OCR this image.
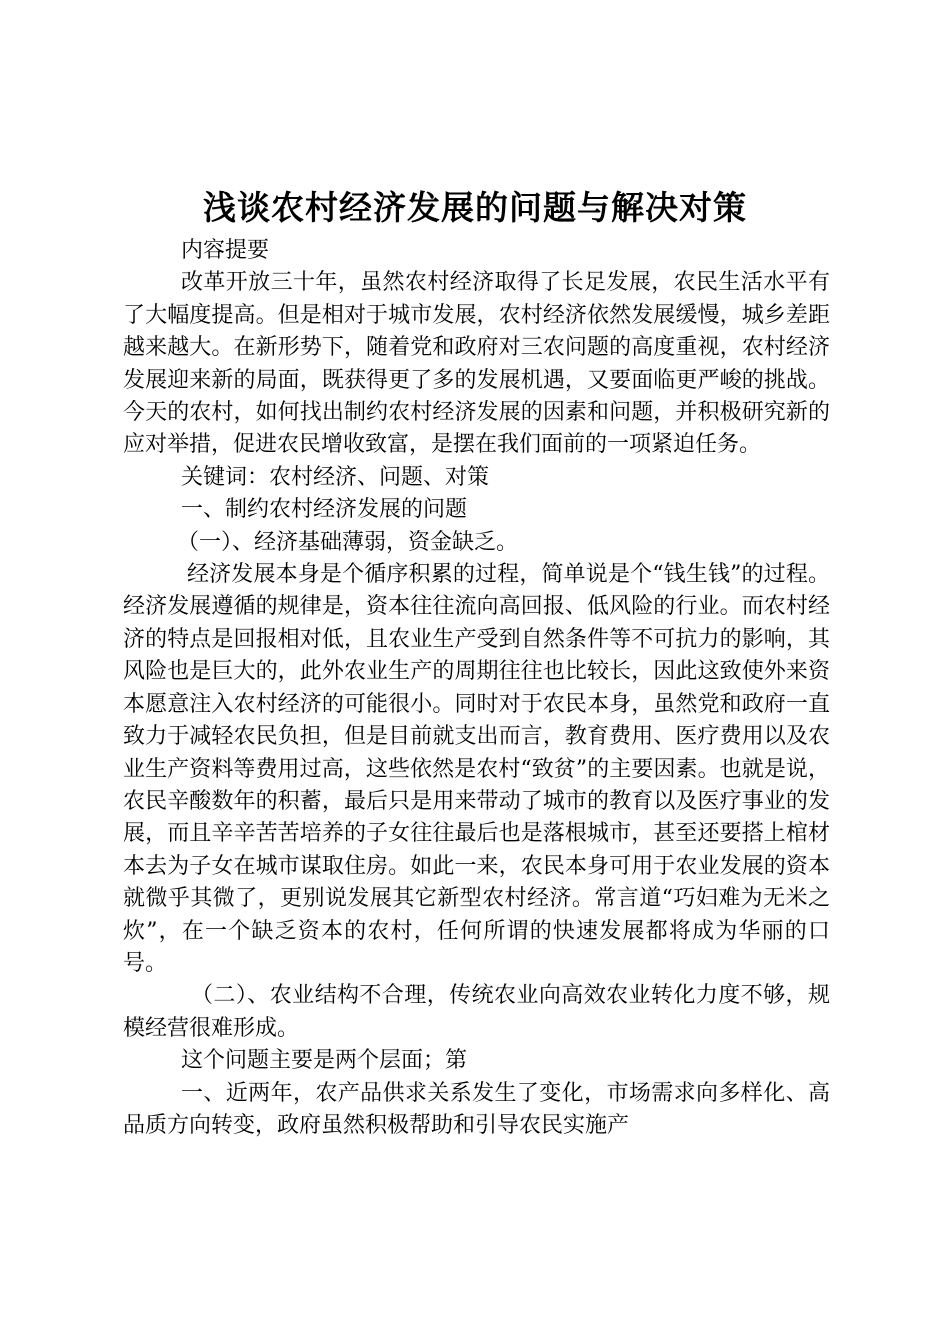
浅谈农村经济发展的问题与解决对策

内容提要

改革开放三十年，虽然农村经济取得了长足发展，农民生活水平有了大幅度提高。但是相对于城市发展，农村经济依然发展缓慢，城乡差距越来越大。在新形势下，随着党和政府对三农问题的高度重视，农村经济发展迎来新的局面，既获得更了多的发展机遇，又要面临更严峻的挑战。今天的农村，如何找出制约农村经济发展的因素和问题，并积极研究新的应对举措，促进农民增收致富，是摆在我们面前的一项紧迫任务。

关键词：农村经济、问题、对策

一、制约农村经济发展的问题

（一）、经济基础薄弱，资金缺乏。

经济发展本身是个循序积累的过程，简单说是个“钱生钱”的过程。经济发展遵循的规律是，资本往往流向高回报、低风险的行业。而农村经济的特点是回报相对低，且农业生产受到自然条件等不可抗力的影响，其风险也是巨大的，此外农业生产的周期往往也比较长，因此这致使外来资本愿意注入农村经济的可能很小。同时对于农民本身，虽然党和政府一直致力于减轻农民负担，但是目前就支出而言，教育费用、医疗费用以及农业生产资料等费用过高，这些依然是农村“致贫”的主要因素。也就是说，农民辛酸数年的积蓄，最后只是用来带动了城市的教育以及医疗事业的发展，而且辛辛苦苦培养的子女往往最后也是落根城市，甚至还要搭上棺材本去为子女在城市谋取住房。如此一来，农民本身可用于农业发展的资本就微乎其微了，更别说发展其它新型农村经济。常言道“巧妇难为无米之炊”，在一个缺乏资本的农村，任何所谓的快速发展都将成为华丽的口号。

（二）、农业结构不合理，传统农业向高效农业转化力度不够，规模经营很难形成。

这个问题主要是两个层面；第

一、近两年，农产品供求关系发生了变化，市场需求向多样化、高品质方向转变，政府虽然积极帮助和引导农民实施产
